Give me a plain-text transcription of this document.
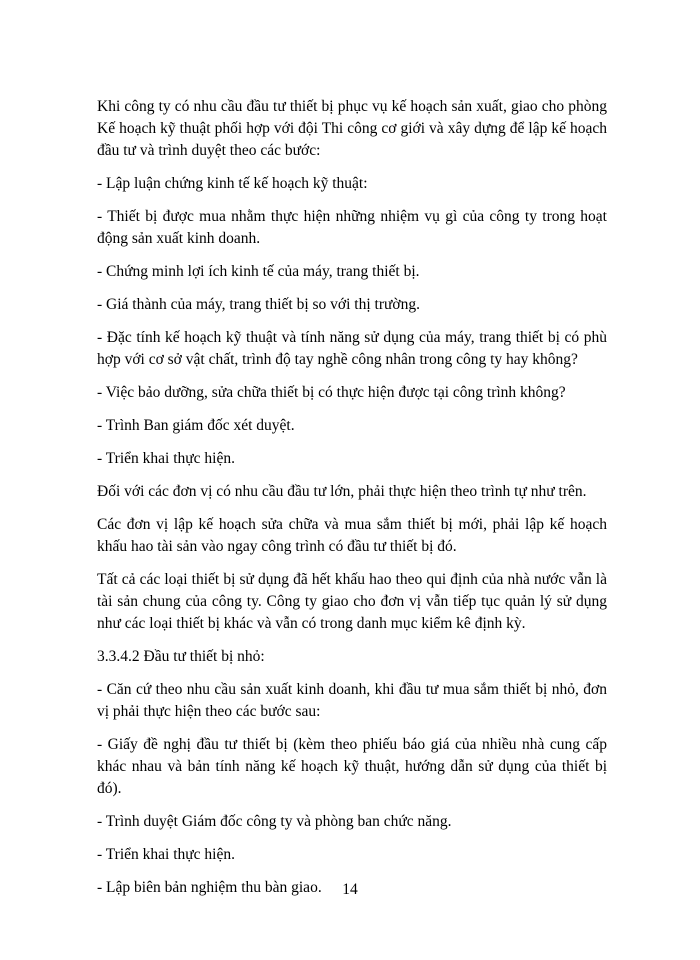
Khi công ty có nhu cầu đầu tư thiết bị phục vụ kế hoạch sản xuất, giao cho phòng Kế hoạch kỹ thuật phối hợp với đội Thi công cơ giới và xây dựng để lập kế hoạch đầu tư và trình duyệt theo các bước:

- Lập luận chứng kinh tế kế hoạch kỹ thuật:

- Thiết bị được mua nhằm thực hiện những nhiệm vụ gì của công ty trong hoạt động sản xuất kinh doanh.

- Chứng minh lợi ích kinh tế của máy, trang thiết bị.

- Giá thành của máy, trang thiết bị so với thị trường.

- Đặc tính kế hoạch kỹ thuật và tính năng sử dụng của máy, trang thiết bị có phù hợp với cơ sở vật chất, trình độ tay nghề công nhân trong công ty hay không?

- Việc bảo dưỡng, sửa chữa thiết bị có thực hiện được tại công trình không?

- Trình Ban giám đốc xét duyệt.

- Triển khai thực hiện.

Đối với các đơn vị có nhu cầu đầu tư lớn, phải thực hiện theo trình tự như trên.

Các đơn vị lập kế hoạch sửa chữa và mua sắm thiết bị mới, phải lập kế hoạch khấu hao tài sản vào ngay công trình có đầu tư thiết bị đó.

Tất cả các loại thiết bị sử dụng đã hết khấu hao theo qui định của nhà nước vẫn là tài sản chung của công ty. Công ty giao cho đơn vị vẫn tiếp tục quản lý sử dụng như các loại thiết bị khác và vẫn có trong danh mục kiểm kê định kỳ.

3.3.4.2 Đầu tư thiết bị nhỏ:

- Căn cứ theo nhu cầu sản xuất kinh doanh, khi đầu tư mua sắm thiết bị nhỏ, đơn vị phải thực hiện theo các bước sau:

- Giấy đề nghị đầu tư thiết bị (kèm theo phiếu báo giá của nhiều nhà cung cấp khác nhau và bản tính năng kế hoạch kỹ thuật, hướng dẫn sử dụng của thiết bị đó).

- Trình duyệt Giám đốc công ty và phòng ban chức năng.

- Triển khai thực hiện.

- Lập biên bản nghiệm thu bàn giao.	14
